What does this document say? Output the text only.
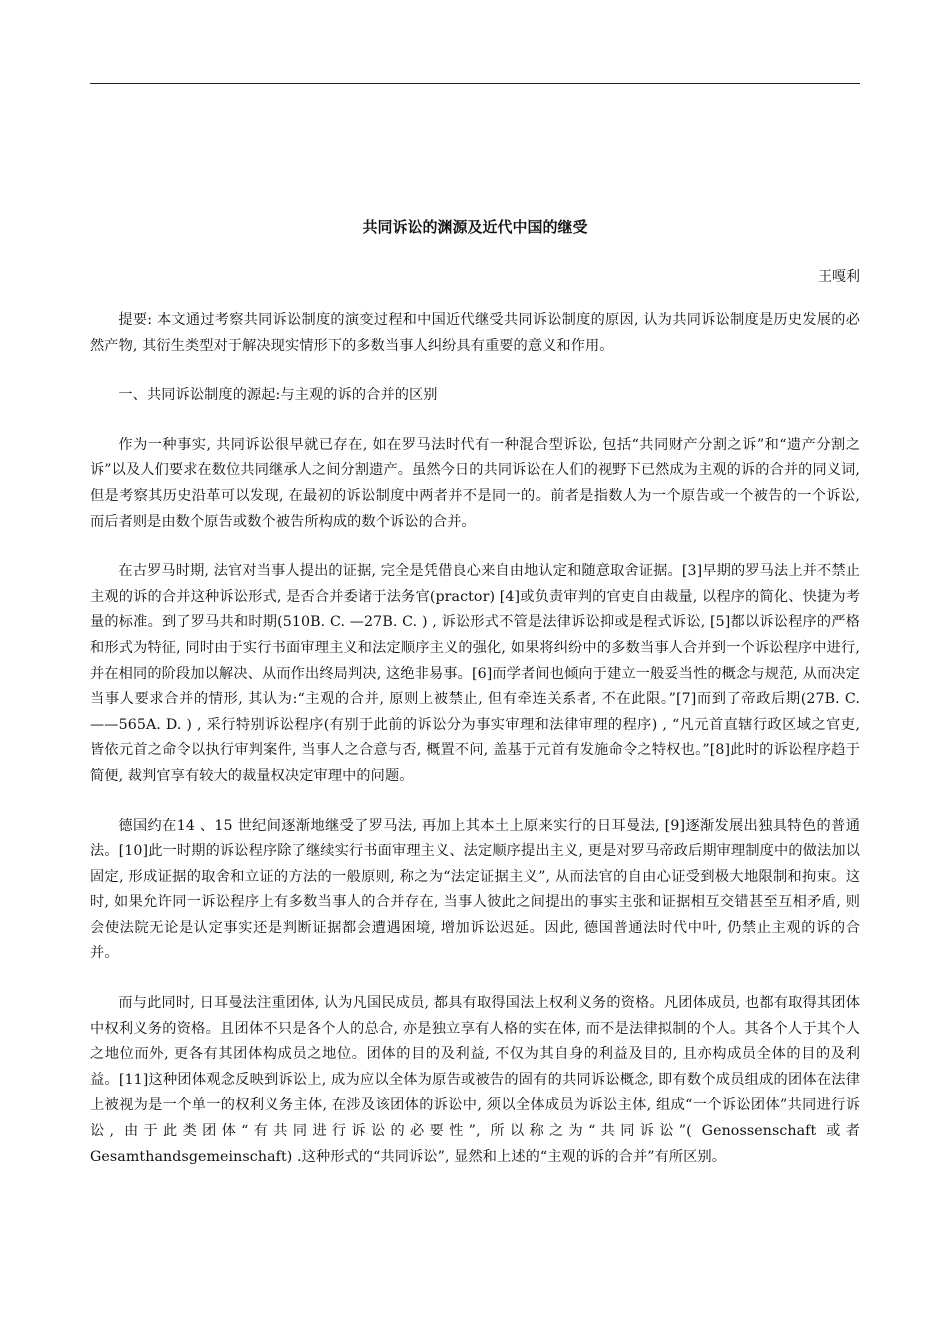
共同诉讼的渊源及近代中国的继受
王嘎利

提要: 本文通过考察共同诉讼制度的演变过程和中国近代继受共同诉讼制度的原因, 认为共同诉讼制度是历史发展的必然产物, 其衍生类型对于解决现实情形下的多数当事人纠纷具有重要的意义和作用。

一、共同诉讼制度的源起:与主观的诉的合并的区别

作为一种事实, 共同诉讼很早就已存在, 如在罗马法时代有一种混合型诉讼, 包括“共同财产分割之诉”和“遗产分割之诉”以及人们要求在数位共同继承人之间分割遗产。虽然今日的共同诉讼在人们的视野下已然成为主观的诉的合并的同义词, 但是考察其历史沿革可以发现, 在最初的诉讼制度中两者并不是同一的。前者是指数人为一个原告或一个被告的一个诉讼, 而后者则是由数个原告或数个被告所构成的数个诉讼的合并。

在古罗马时期, 法官对当事人提出的证据, 完全是凭借良心来自由地认定和随意取舍证据。[3]早期的罗马法上并不禁止主观的诉的合并这种诉讼形式, 是否合并委诸于法务官(practor) [4]或负责审判的官吏自由裁量, 以程序的简化、快捷为考量的标准。到了罗马共和时期(510B. C. —27B. C. ) , 诉讼形式不管是法律诉讼抑或是程式诉讼, [5]都以诉讼程序的严格和形式为特征, 同时由于实行书面审理主义和法定顺序主义的强化, 如果将纠纷中的多数当事人合并到一个诉讼程序中进行, 并在相同的阶段加以解决、从而作出终局判决, 这绝非易事。[6]而学者间也倾向于建立一般妥当性的概念与规范, 从而决定当事人要求合并的情形, 其认为:“主观的合并, 原则上被禁止, 但有牵连关系者, 不在此限。”[7]而到了帝政后期(27B. C. ——565A. D. ) , 采行特别诉讼程序(有别于此前的诉讼分为事实审理和法律审理的程序) , “凡元首直辖行政区域之官吏, 皆依元首之命令以执行审判案件, 当事人之合意与否, 概置不问, 盖基于元首有发施命令之特权也。”[8]此时的诉讼程序趋于简便, 裁判官享有较大的裁量权决定审理中的问题。

德国约在14 、15 世纪间逐渐地继受了罗马法, 再加上其本土上原来实行的日耳曼法, [9]逐渐发展出独具特色的普通法。[10]此一时期的诉讼程序除了继续实行书面审理主义、法定顺序提出主义, 更是对罗马帝政后期审理制度中的做法加以固定, 形成证据的取舍和立证的方法的一般原则, 称之为“法定证据主义”, 从而法官的自由心证受到极大地限制和拘束。这时, 如果允许同一诉讼程序上有多数当事人的合并存在, 当事人彼此之间提出的事实主张和证据相互交错甚至互相矛盾, 则会使法院无论是认定事实还是判断证据都会遭遇困境, 增加诉讼迟延。因此, 德国普通法时代中叶, 仍禁止主观的诉的合并。

而与此同时, 日耳曼法注重团体, 认为凡国民成员, 都具有取得国法上权利义务的资格。凡团体成员, 也都有取得其团体中权利义务的资格。且团体不只是各个人的总合, 亦是独立享有人格的实在体, 而不是法律拟制的个人。其各个人于其个人之地位而外, 更各有其团体构成员之地位。团体的目的及利益, 不仅为其自身的利益及目的, 且亦构成员全体的目的及利益。[11]这种团体观念反映到诉讼上, 成为应以全体为原告或被告的固有的共同诉讼概念, 即有数个成员组成的团体在法律上被视为是一个单一的权利义务主体, 在涉及该团体的诉讼中, 须以全体成员为诉讼主体, 组成“一个诉讼团体”共同进行诉讼, 由于此类团体“有共同进行诉讼的必要性”, 所以称之为“共同诉讼”( Genossenschaft 或者 Gesamthandsgemeinschaft) .这种形式的“共同诉讼”, 显然和上述的“主观的诉的合并”有所区别。
